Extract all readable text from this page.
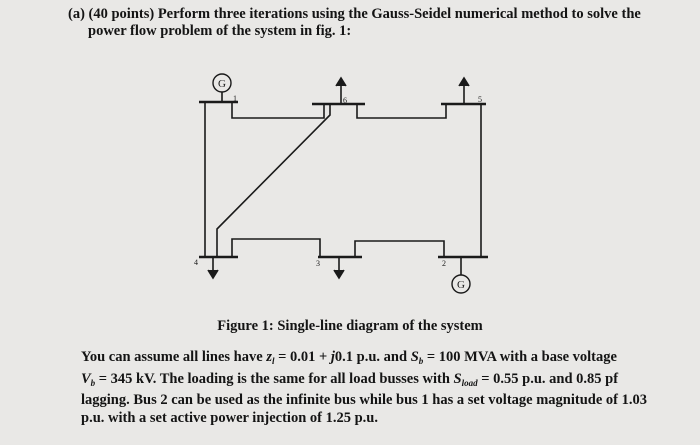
(a) (40 points) Perform three iterations using the Gauss-Seidel numerical method to solve the
power flow problem of the system in fig. 1:
G
1	6	5
4	3
G
2
Figure 1: Single-line diagram of the system
You can assume all lines have $z_l = 0.01 + j0.1$ p.u. and $S_b = 100$ MVA with a base voltage
$V_b = 345$ kV. The loading is the same for all load busses with $S_{load} = 0.55$ p.u. and 0.85 pf
lagging. Bus 2 can be used as the infinite bus while bus 1 has a set voltage magnitude of 1.03
p.u. with a set active power injection of 1.25 p.u.
